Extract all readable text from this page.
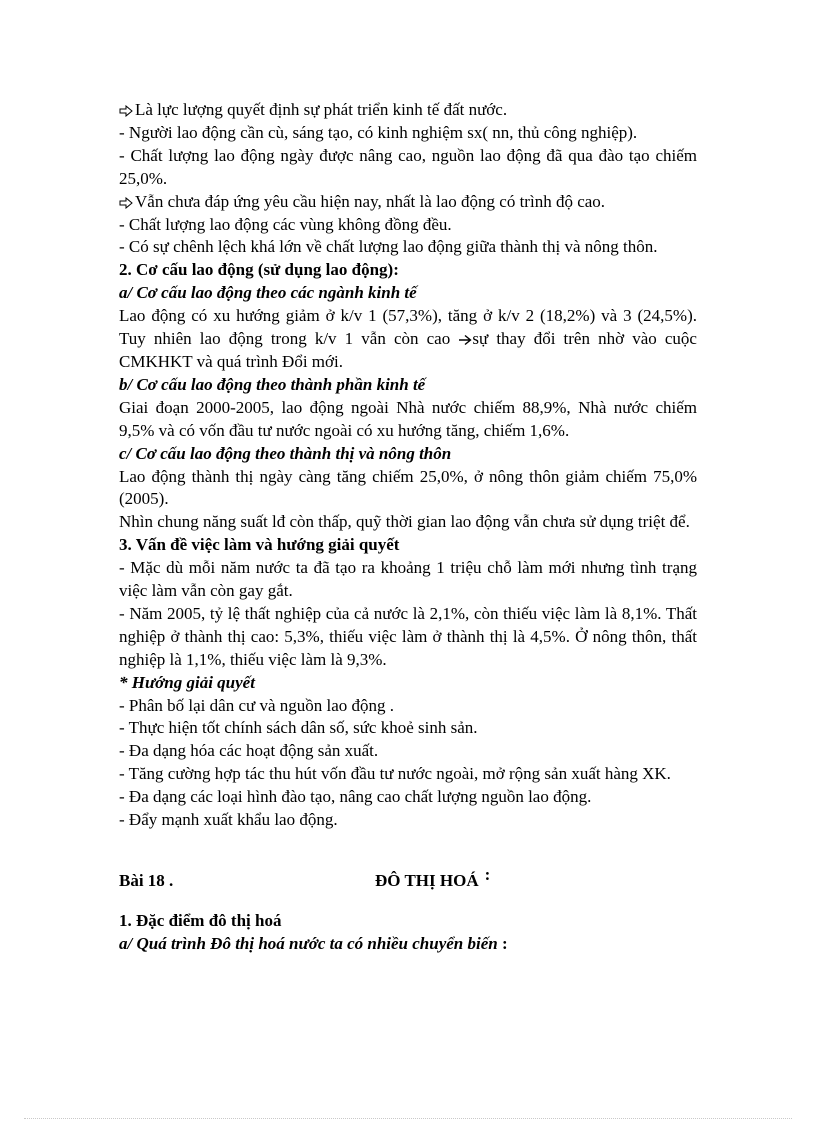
Là lực lượng quyết định sự phát triển kinh tế đất nước.

- Người lao động cần cù, sáng tạo, có kinh nghiệm sx( nn, thủ công nghiệp).

- Chất lượng lao động ngày được nâng cao, nguồn lao động đã qua đào tạo chiếm 25,0%.

Vẫn chưa đáp ứng yêu cầu hiện nay, nhất là lao động có trình độ cao.

- Chất lượng lao động các vùng không đồng đều.

- Có sự chênh lệch khá lớn về chất lượng lao động giữa thành thị và nông thôn.

2. Cơ cấu lao động (sử dụng lao động):

a/ Cơ cấu lao động theo các ngành kinh tế

Lao động có xu hướng giảm ở k/v 1 (57,3%), tăng ở k/v 2 (18,2%) và 3 (24,5%). Tuy nhiên lao động trong k/v 1 vẫn còn cao sự thay đổi trên nhờ vào cuộc CMKHKT và quá trình Đổi mới.

b/ Cơ cấu lao động theo thành phần kinh tế

Giai đoạn 2000-2005, lao động ngoài Nhà nước chiếm 88,9%, Nhà nước chiếm 9,5% và có vốn đầu tư nước ngoài có xu hướng tăng, chiếm 1,6%.

c/ Cơ cấu lao động theo thành thị và nông thôn

Lao động thành thị ngày càng tăng chiếm 25,0%, ở nông thôn giảm chiếm 75,0% (2005).

Nhìn chung năng suất lđ còn thấp, quỹ thời gian lao động vẫn chưa sử dụng triệt để.

3. Vấn đề việc làm và hướng giải quyết

- Mặc dù mỗi năm nước ta đã tạo ra khoảng 1 triệu chỗ làm mới nhưng tình trạng việc làm vẫn còn gay gắt.

- Năm 2005, tỷ lệ thất nghiệp của cả nước là 2,1%, còn thiếu việc làm là 8,1%. Thất nghiệp ở thành thị cao: 5,3%, thiếu việc làm ở thành thị là 4,5%. Ở nông thôn, thất nghiệp là 1,1%, thiếu việc làm là 9,3%.

* Hướng giải quyết

- Phân bố lại dân cư và nguồn lao động .

- Thực hiện tốt chính sách dân số, sức khoẻ sinh sản.

- Đa dạng hóa các hoạt động sản xuất.

- Tăng cường hợp tác thu hút vốn đầu tư nước ngoài, mở rộng sản xuất hàng XK.

- Đa dạng các loại hình đào tạo, nâng cao chất lượng nguồn lao động.

- Đẩy mạnh xuất khẩu lao động.

Bài 18 .	ĐÔ THỊ HOÁ :

1. Đặc điểm đô thị hoá

a/ Quá trình Đô thị hoá nước ta có nhiều chuyển biến :
